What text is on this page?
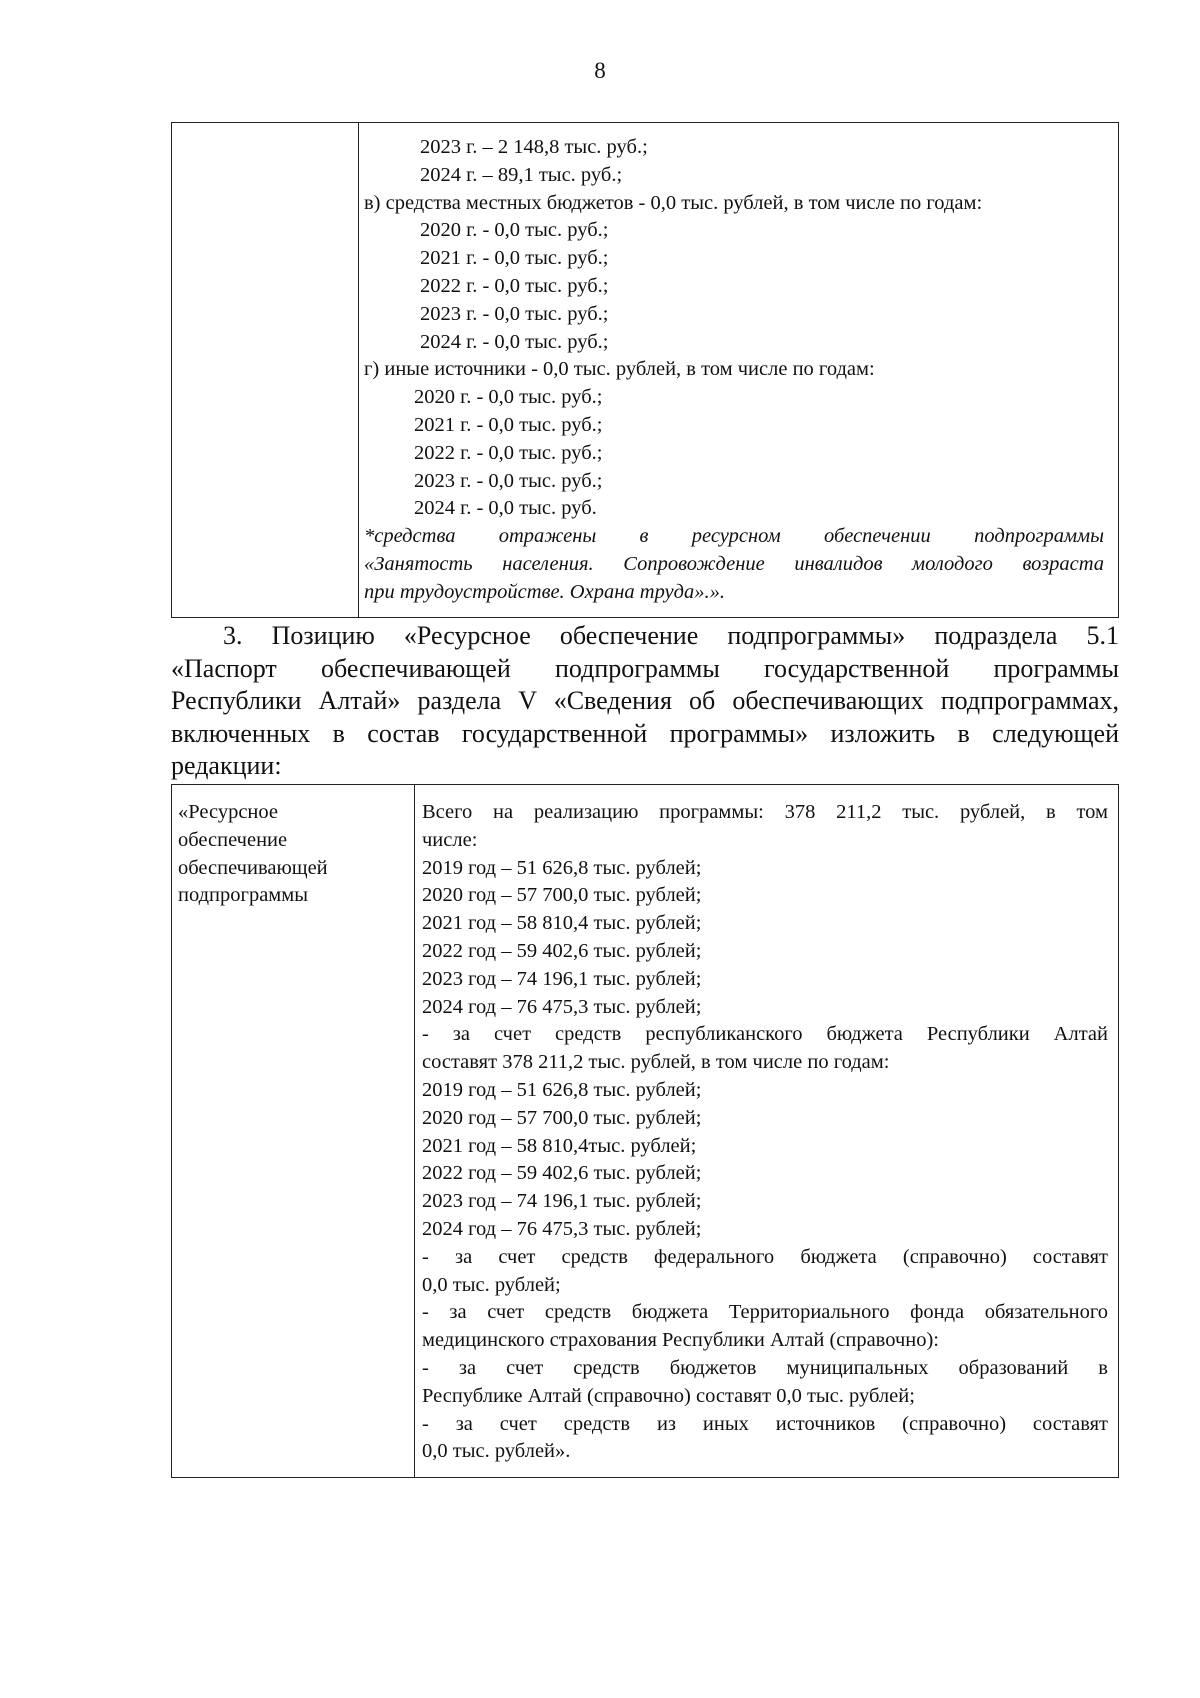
8
2023 г. – 2 148,8 тыс. руб.;
2024 г. – 89,1 тыс. руб.;
в) средства местных бюджетов - 0,0 тыс. рублей, в том числе по годам:
2020 г. - 0,0 тыс. руб.;
2021 г. - 0,0 тыс. руб.;
2022 г. - 0,0 тыс. руб.;
2023 г. - 0,0 тыс. руб.;
2024 г. - 0,0 тыс. руб.;
г) иные источники - 0,0 тыс. рублей, в том числе по годам:
2020 г. - 0,0 тыс. руб.;
2021 г. - 0,0 тыс. руб.;
2022 г. - 0,0 тыс. руб.;
2023 г. - 0,0 тыс. руб.;
2024 г. - 0,0 тыс. руб.
*средства отражены в ресурсном обеспечении подпрограммы
«Занятость населения. Сопровождение инвалидов молодого возраста
при трудоустройстве. Охрана труда».».
3. Позицию «Ресурсное обеспечение подпрограммы» подраздела 5.1
«Паспорт обеспечивающей подпрограммы государственной программы
Республики Алтай» раздела V «Сведения об обеспечивающих подпрограммах,
включенных в состав государственной программы» изложить в следующей
редакции:
«Ресурсное
обеспечение
обеспечивающей
подпрограммы
Всего на реализацию программы: 378 211,2 тыс. рублей, в том
числе:
2019 год – 51 626,8 тыс. рублей;
2020 год – 57 700,0 тыс. рублей;
2021 год – 58 810,4 тыс. рублей;
2022 год – 59 402,6 тыс. рублей;
2023 год – 74 196,1 тыс. рублей;
2024 год – 76 475,3 тыс. рублей;
- за счет средств республиканского бюджета Республики Алтай
составят 378 211,2 тыс. рублей, в том числе по годам:
2019 год – 51 626,8 тыс. рублей;
2020 год – 57 700,0 тыс. рублей;
2021 год – 58 810,4тыс. рублей;
2022 год – 59 402,6 тыс. рублей;
2023 год – 74 196,1 тыс. рублей;
2024 год – 76 475,3 тыс. рублей;
- за счет средств федерального бюджета (справочно) составят
0,0 тыс. рублей;
- за счет средств бюджета Территориального фонда обязательного
медицинского страхования Республики Алтай (справочно):
- за счет средств бюджетов муниципальных образований в
Республике Алтай (справочно) составят 0,0 тыс. рублей;
- за счет средств из иных источников (справочно) составят
0,0 тыс. рублей».
